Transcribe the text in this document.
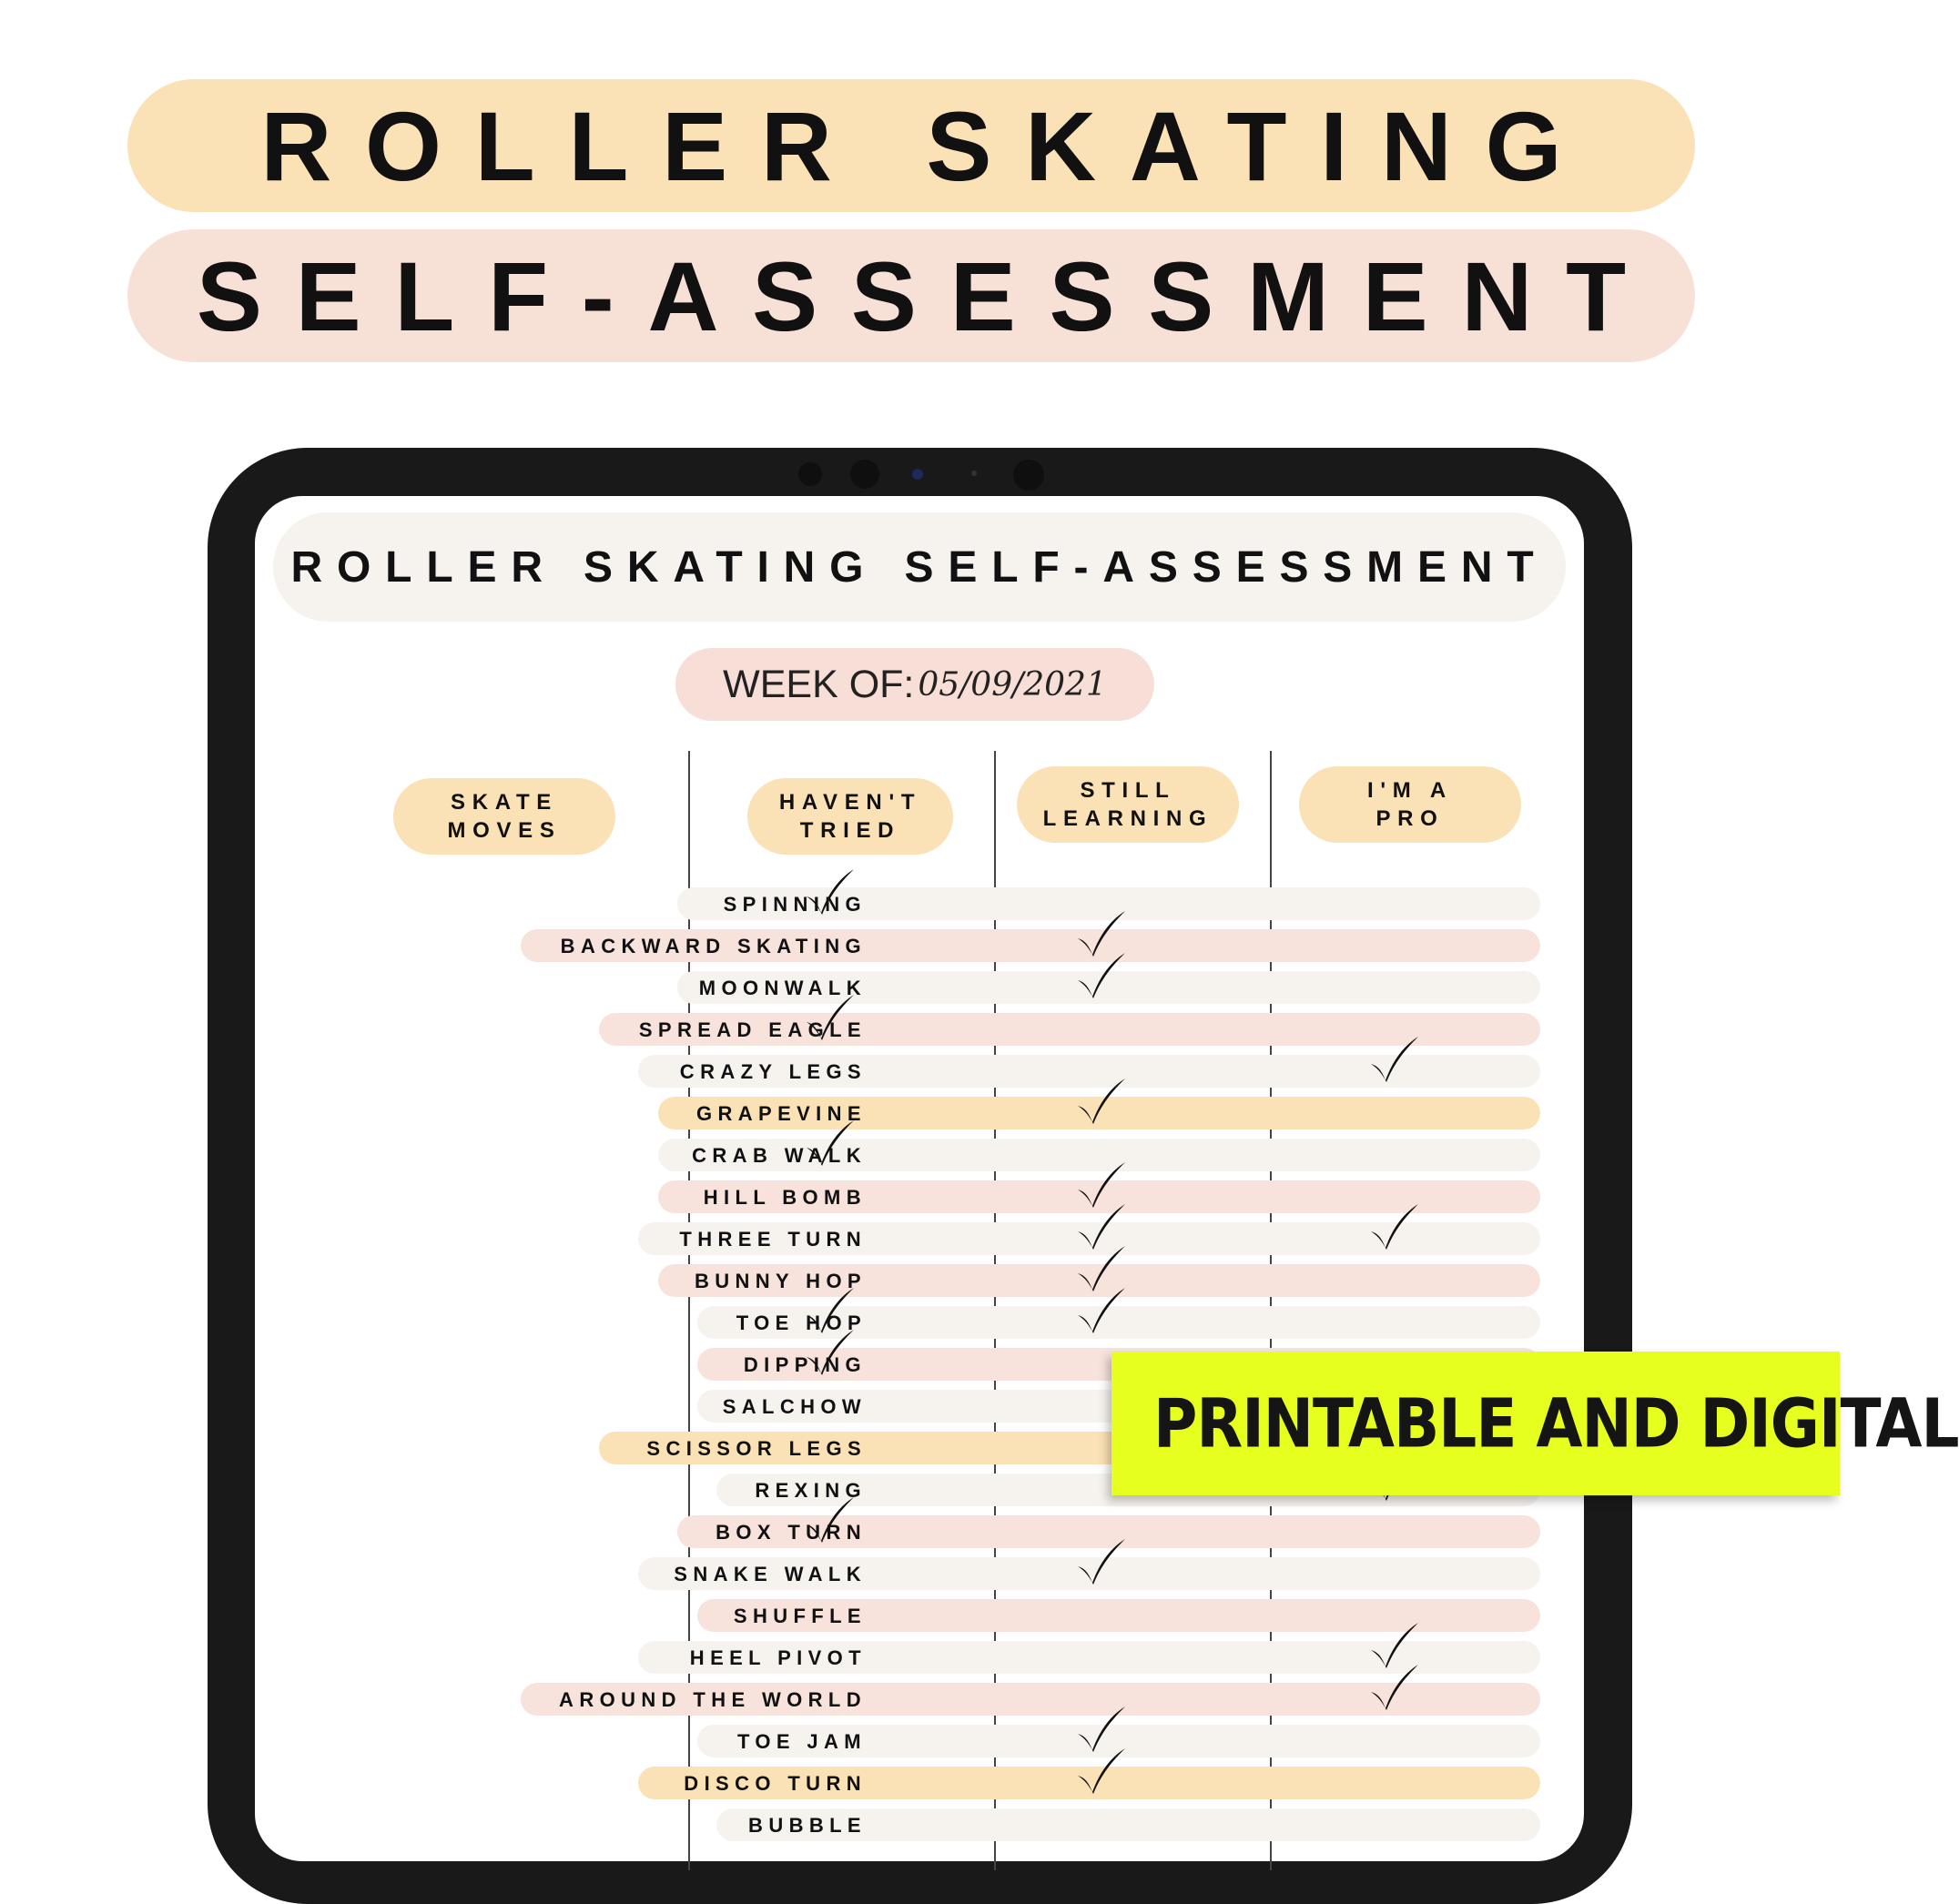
ROLLER SKATING
SELF-ASSESSMENT
ROLLER SKATING SELF-ASSESSMENT
WEEK OF: 05/09/2021
SKATE
MOVES
HAVEN'T
TRIED
STILL
LEARNING
I'M A
PRO
SPINNING
BACKWARD SKATING
MOONWALK
SPREAD EAGLE
CRAZY LEGS
GRAPEVINE
CRAB WALK
HILL BOMB
THREE TURN
BUNNY HOP
TOE HOP
DIPPING
SALCHOW
SCISSOR LEGS
REXING
BOX TURN
SNAKE WALK
SHUFFLE
HEEL PIVOT
AROUND THE WORLD
TOE JAM
DISCO TURN
BUBBLE
PRINTABLE AND DIGITAL
